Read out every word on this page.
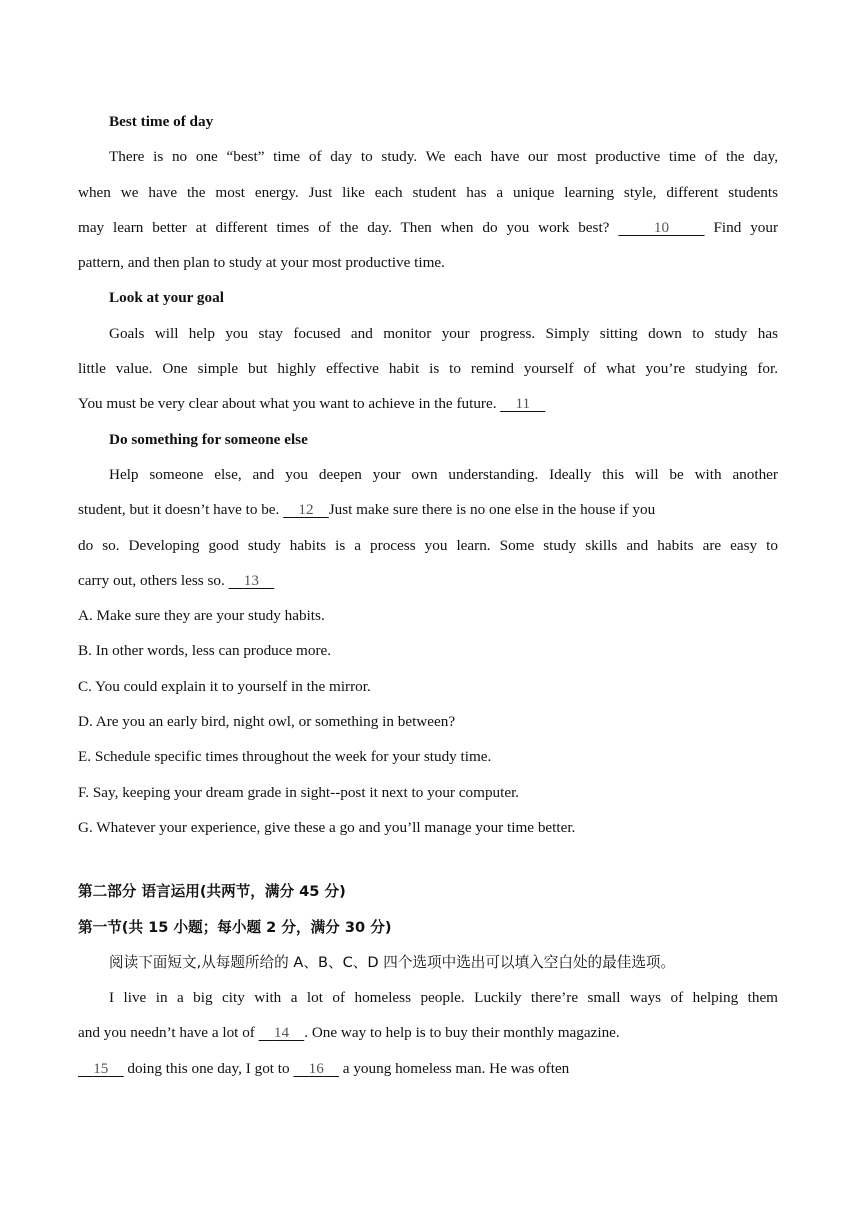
Best time of day
There is no one “best” time of day to study. We each have our most productive time of the day,
when we have the most energy. Just like each student has a unique learning style, different students
may learn better at different times of the day. Then when do you work best?	10	Find your
pattern, and then plan to study at your most productive time.
Look at your goal
Goals will help you stay focused and monitor your progress. Simply sitting down to study has
little value. One simple but highly effective habit is to remind yourself of what you’re studying for.
You must be very clear about what you want to achieve in the future. 11
Do something for someone else
Help someone else, and you deepen your own understanding. Ideally this will be with another
student, but it doesn’t have to be. 12 Just make sure there is no one else in the house if you
do so. Developing good study habits is a process you learn. Some study skills and habits are easy to
carry out, others less so. 13
A. Make sure they are your study habits.
B. In other words, less can produce more.
C. You could explain it to yourself in the mirror.
D. Are you an early bird, night owl, or something in between?
E. Schedule specific times throughout the week for your study time.
F. Say, keeping your dream grade in sight--post it next to your computer.
G. Whatever your experience, give these a go and you’ll manage your time better.
第二部分 语言运用(共两节，满分 45 分)
第一节(共 15 小题；每小题 2 分，满分 30 分)
阅读下面短文,从每题所给的 A、B、C、D 四个选项中选出可以填入空白处的最佳选项。
I live in a big city with a lot of homeless people. Luckily there’re small ways of helping them
and you needn’t have a lot of 14 . One way to help is to buy their monthly magazine.
15 doing this one day, I got to 16 a young homeless man. He was often
